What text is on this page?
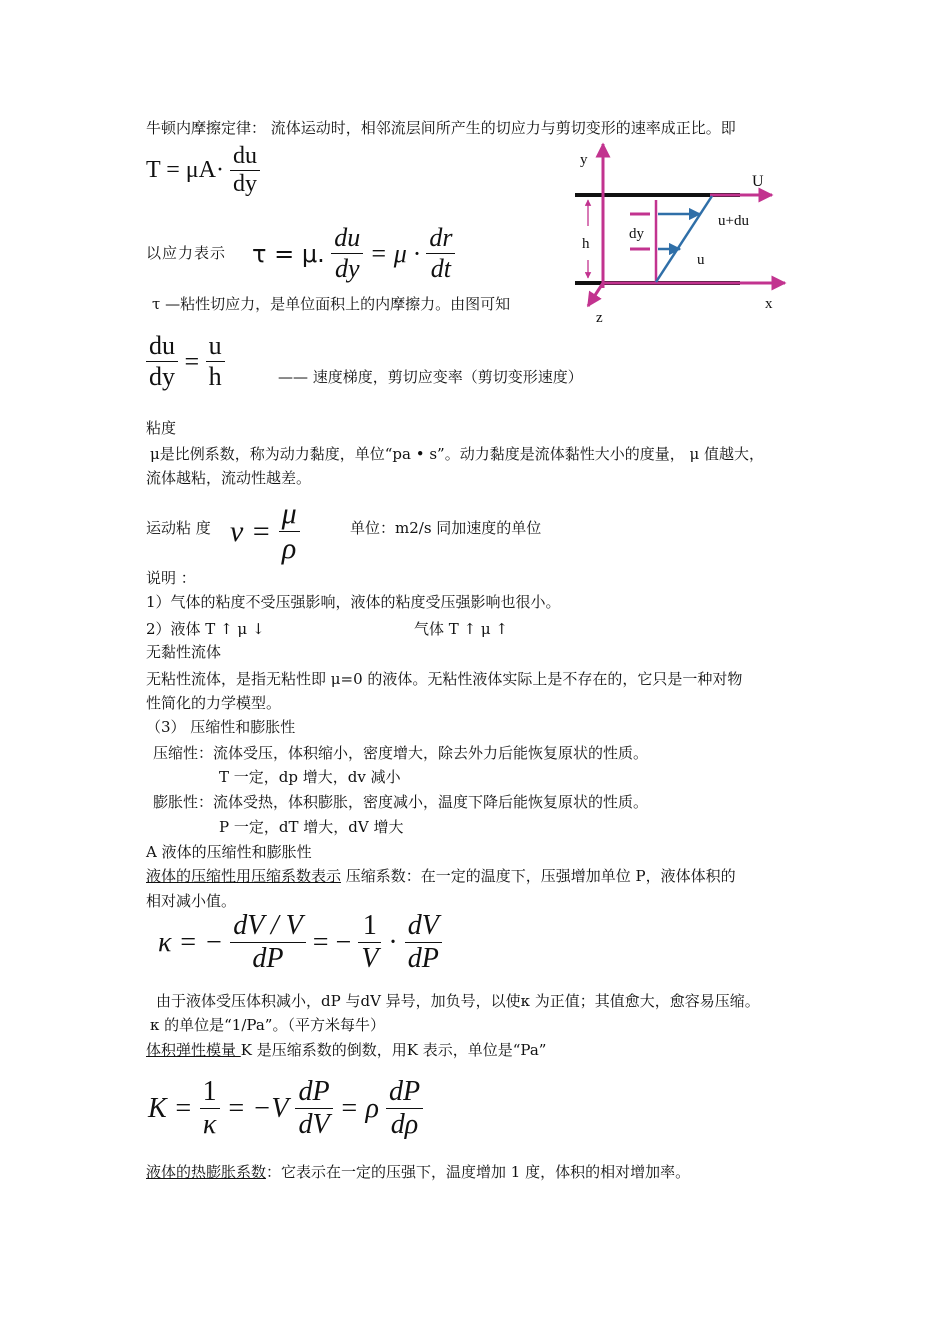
牛顿内摩擦定律： 流体运动时，相邻流层间所产生的切应力与剪切变形的速率成正比。即
$T = \mu A\cdot \frac{du}{dy}$
以应力表示 τ = μ. $\frac{du}{dy} = \mu \cdot \frac{dr}{dt}$
τ —粘性切应力，是单位面积上的内摩擦力。由图可知
$\frac{du}{dy} = \frac{u}{h}$	—— 速度梯度，剪切应变率（剪切变形速度）
粘度
μ是比例系数，称为动力黏度，单位“pa • s”。动力黏度是流体黏性大小的度量， μ 值越大，
流体越粘，流动性越差。
运动粘 度 $\nu = \frac{\mu}{\rho}$	单位：m2/s 同加速度的单位
说明 ：
1）气体的粘度不受压强影响，液体的粘度受压强影响也很小。
2）液体 T ↑ μ ↓	气体 T ↑ μ ↑
无黏性流体
无粘性流体，是指无粘性即 μ=0 的液体。无粘性液体实际上是不存在的，它只是一种对物
性简化的力学模型。
（3） 压缩性和膨胀性
压缩性：流体受压，体积缩小，密度增大，除去外力后能恢复原状的性质。
T 一定，dp 增大，dv 减小
膨胀性：流体受热，体积膨胀，密度减小，温度下降后能恢复原状的性质。
P 一定，dT 增大，dV 增大
A 液体的压缩性和膨胀性
液体的压缩性用压缩系数表示 压缩系数：在一定的温度下，压强增加单位 P，液体体积的
相对减小值。
κ = − $\frac{dV / V}{dP}$ = − $\frac{1}{V} \cdot \frac{dV}{dP}$
由于液体受压体积减小，dP 与dV 异号，加负号，以使κ 为正值；其值愈大，愈容易压缩。
κ 的单位是“1/Pa”。（平方米每牛）
体积弹性模量 K 是压缩系数的倒数，用K 表示，单位是“Pa”
$K = \frac{1}{\kappa} = -V \frac{dP}{dV} = \rho \frac{dP}{d\rho}$
液体的热膨胀系数：它表示在一定的压强下，温度增加 1 度，体积的相对增加率。
y
U
u+du
h
dy
u
x
z
